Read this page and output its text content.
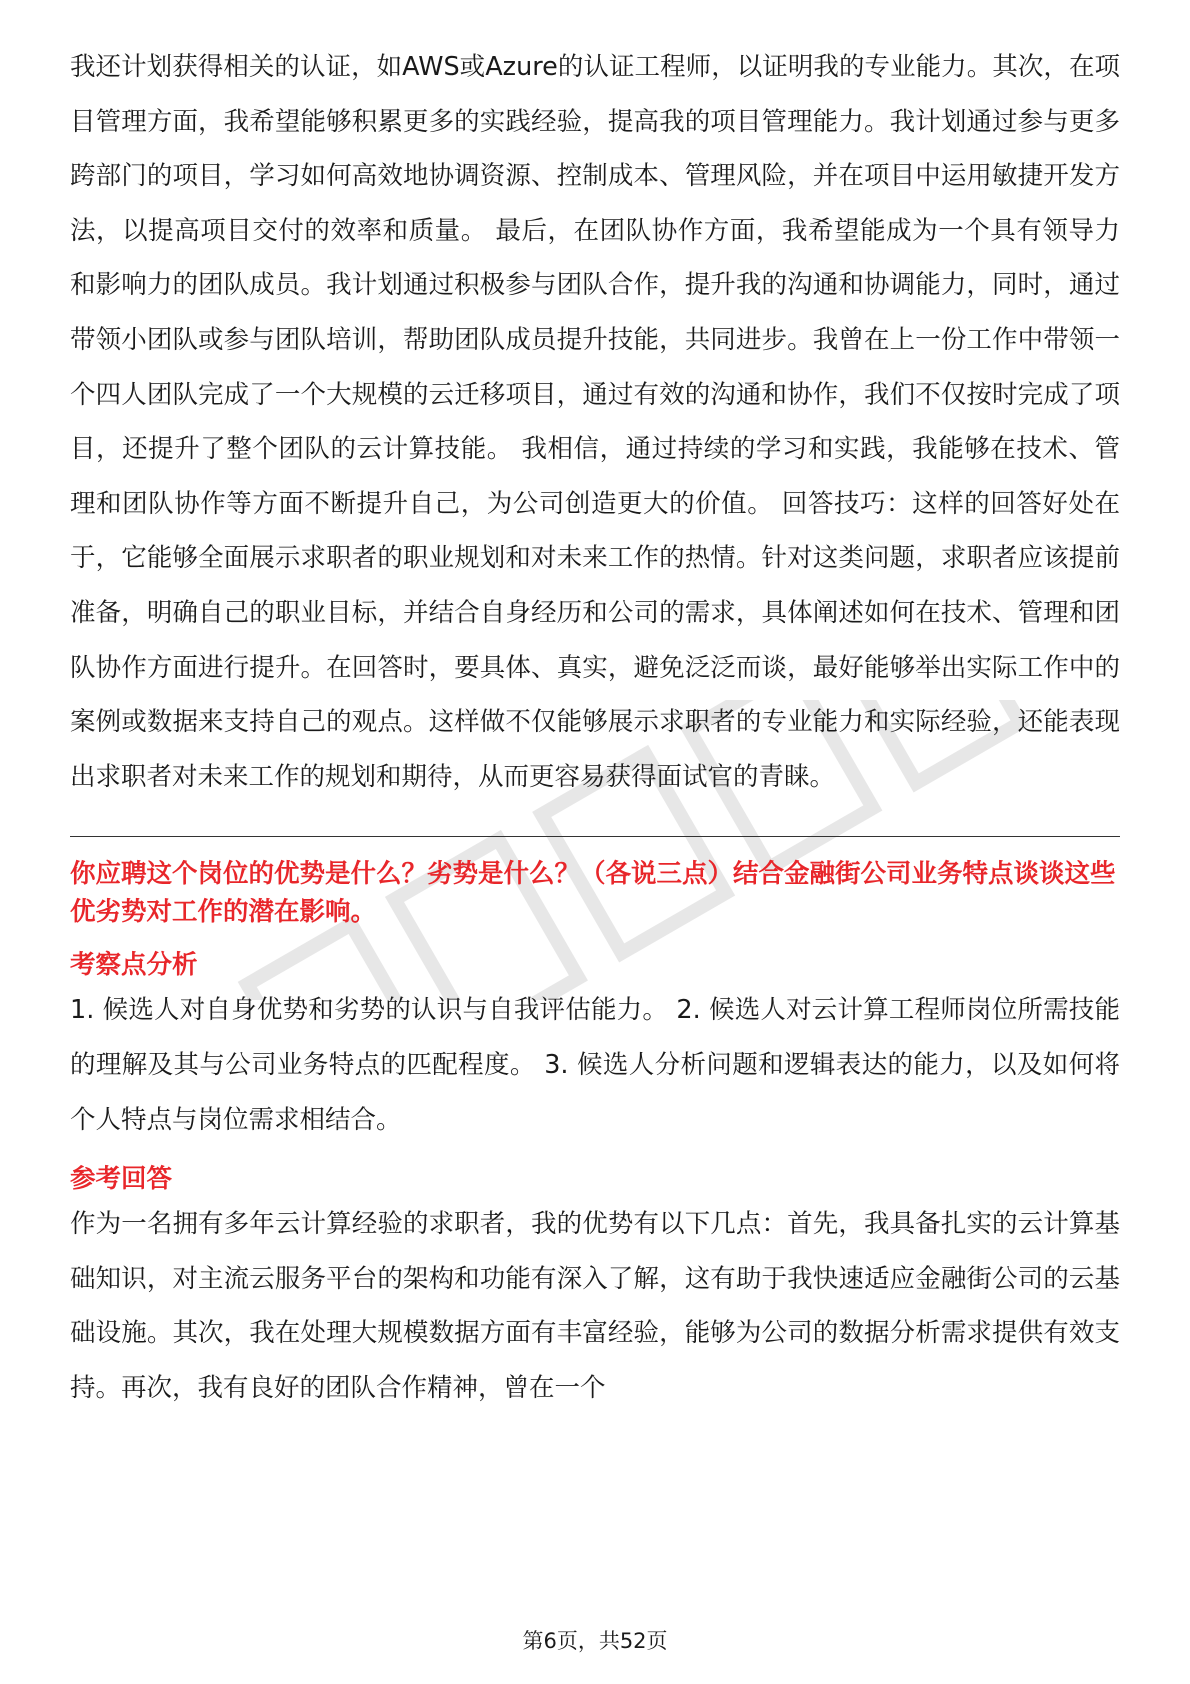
我还计划获得相关的认证，如AWS或Azure的认证工程师，以证明我的专业能力。其次，在项目管理方面，我希望能够积累更多的实践经验，提高我的项目管理能力。我计划通过参与更多跨部门的项目，学习如何高效地协调资源、控制成本、管理风险，并在项目中运用敏捷开发方法，以提高项目交付的效率和质量。 最后，在团队协作方面，我希望能成为一个具有领导力和影响力的团队成员。我计划通过积极参与团队合作，提升我的沟通和协调能力，同时，通过带领小团队或参与团队培训，帮助团队成员提升技能，共同进步。我曾在上一份工作中带领一个四人团队完成了一个大规模的云迁移项目，通过有效的沟通和协作，我们不仅按时完成了项目，还提升了整个团队的云计算技能。 我相信，通过持续的学习和实践，我能够在技术、管理和团队协作等方面不断提升自己，为公司创造更大的价值。 回答技巧：这样的回答好处在于，它能够全面展示求职者的职业规划和对未来工作的热情。针对这类问题，求职者应该提前准备，明确自己的职业目标，并结合自身经历和公司的需求，具体阐述如何在技术、管理和团队协作方面进行提升。在回答时，要具体、真实，避免泛泛而谈，最好能够举出实际工作中的案例或数据来支持自己的观点。这样做不仅能够展示求职者的专业能力和实际经验，还能表现出求职者对未来工作的规划和期待，从而更容易获得面试官的青睐。

你应聘这个岗位的优势是什么？劣势是什么？（各说三点）结合金融街公司业务特点谈谈这些优劣势对工作的潜在影响。

考察点分析

1. 候选人对自身优势和劣势的认识与自我评估能力。 2. 候选人对云计算工程师岗位所需技能的理解及其与公司业务特点的匹配程度。 3. 候选人分析问题和逻辑表达的能力，以及如何将个人特点与岗位需求相结合。

参考回答

作为一名拥有多年云计算经验的求职者，我的优势有以下几点：首先，我具备扎实的云计算基础知识，对主流云服务平台的架构和功能有深入了解，这有助于我快速适应金融街公司的云基础设施。其次，我在处理大规模数据方面有丰富经验，能够为公司的数据分析需求提供有效支持。再次，我有良好的团队合作精神，曾在一个

第6页，共52页
